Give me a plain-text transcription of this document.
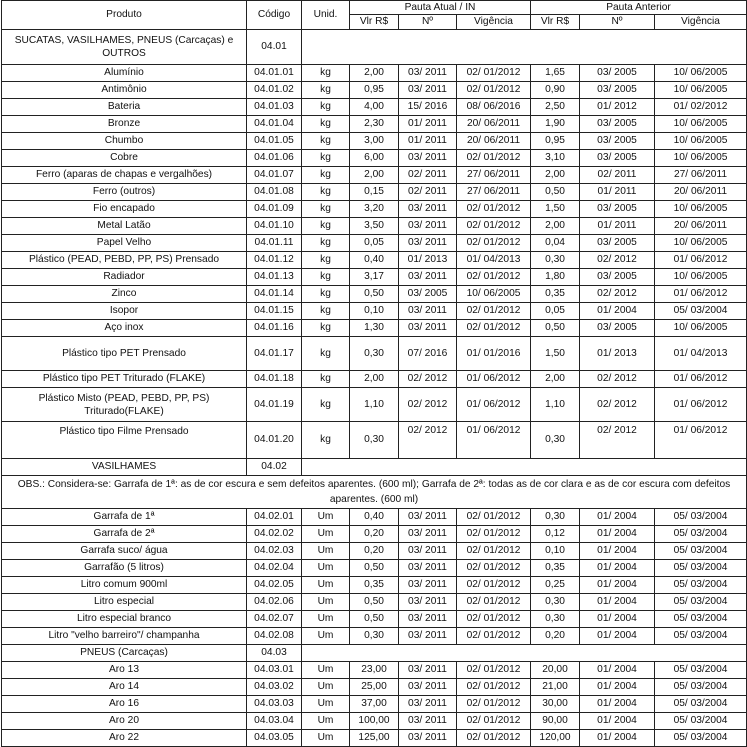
Produto	Código	Unid.	Pauta Atual / IN			Pauta Anterior		
			Vlr R$	Nº	Vigência	Vlr R$	Nº	Vigência
SUCATAS, VASILHAMES, PNEUS (Carcaças) e OUTROS	04.01							
Alumínio	04.01.01	kg	2,00	03/ 2011	02/ 01/2012	1,65	03/ 2005	10/ 06/2005
Antimônio	04.01.02	kg	0,95	03/ 2011	02/ 01/2012	0,90	03/ 2005	10/ 06/2005
Bateria	04.01.03	kg	4,00	15/ 2016	08/ 06/2016	2,50	01/ 2012	01/ 02/2012
Bronze	04.01.04	kg	2,30	01/ 2011	20/ 06/2011	1,90	03/ 2005	10/ 06/2005
Chumbo	04.01.05	kg	3,00	01/ 2011	20/ 06/2011	0,95	03/ 2005	10/ 06/2005
Cobre	04.01.06	kg	6,00	03/ 2011	02/ 01/2012	3,10	03/ 2005	10/ 06/2005
Ferro (aparas de chapas e vergalhões)	04.01.07	kg	2,00	02/ 2011	27/ 06/2011	2,00	02/ 2011	27/ 06/2011
Ferro (outros)	04.01.08	kg	0,15	02/ 2011	27/ 06/2011	0,50	01/ 2011	20/ 06/2011
Fio encapado	04.01.09	kg	3,20	03/ 2011	02/ 01/2012	1,50	03/ 2005	10/ 06/2005
Metal Latão	04.01.10	kg	3,50	03/ 2011	02/ 01/2012	2,00	01/ 2011	20/ 06/2011
Papel Velho	04.01.11	kg	0,05	03/ 2011	02/ 01/2012	0,04	03/ 2005	10/ 06/2005
Plástico (PEAD, PEBD, PP, PS) Prensado	04.01.12	kg	0,40	01/ 2013	01/ 04/2013	0,30	02/ 2012	01/ 06/2012
Radiador	04.01.13	kg	3,17	03/ 2011	02/ 01/2012	1,80	03/ 2005	10/ 06/2005
Zinco	04.01.14	kg	0,50	03/ 2005	10/ 06/2005	0,35	02/ 2012	01/ 06/2012
Isopor	04.01.15	kg	0,10	03/ 2011	02/ 01/2012	0,05	01/ 2004	05/ 03/2004
Aço inox	04.01.16	kg	1,30	03/ 2011	02/ 01/2012	0,50	03/ 2005	10/ 06/2005
Plástico tipo PET Prensado	04.01.17	kg	0,30	07/ 2016	01/ 01/2016	1,50	01/ 2013	01/ 04/2013
Plástico tipo PET Triturado (FLAKE)	04.01.18	kg	2,00	02/ 2012	01/ 06/2012	2,00	02/ 2012	01/ 06/2012
Plástico Misto (PEAD, PEBD, PP, PS) Triturado(FLAKE)	04.01.19	kg	1,10	02/ 2012	01/ 06/2012	1,10	02/ 2012	01/ 06/2012
Plástico tipo Filme Prensado	04.01.20	kg	0,30	02/ 2012	01/ 06/2012	0,30	02/ 2012	01/ 06/2012
VASILHAMES	04.02							
OBS.: Considera-se: Garrafa de 1ª: as de cor escura e sem defeitos aparentes. (600 ml); Garrafa de 2ª: todas as de cor clara e as de cor escura com defeitos aparentes. (600 ml)								
Garrafa de 1ª	04.02.01	Um	0,40	03/ 2011	02/ 01/2012	0,30	01/ 2004	05/ 03/2004
Garrafa de 2ª	04.02.02	Um	0,20	03/ 2011	02/ 01/2012	0,12	01/ 2004	05/ 03/2004
Garrafa suco/ água	04.02.03	Um	0,20	03/ 2011	02/ 01/2012	0,10	01/ 2004	05/ 03/2004
Garrafão (5 litros)	04.02.04	Um	0,50	03/ 2011	02/ 01/2012	0,35	01/ 2004	05/ 03/2004
Litro comum 900ml	04.02.05	Um	0,35	03/ 2011	02/ 01/2012	0,25	01/ 2004	05/ 03/2004
Litro especial	04.02.06	Um	0,50	03/ 2011	02/ 01/2012	0,30	01/ 2004	05/ 03/2004
Litro especial branco	04.02.07	Um	0,50	03/ 2011	02/ 01/2012	0,30	01/ 2004	05/ 03/2004
Litro "velho barreiro"/ champanha	04.02.08	Um	0,30	03/ 2011	02/ 01/2012	0,20	01/ 2004	05/ 03/2004
PNEUS (Carcaças)	04.03							
Aro 13	04.03.01	Um	23,00	03/ 2011	02/ 01/2012	20,00	01/ 2004	05/ 03/2004
Aro 14	04.03.02	Um	25,00	03/ 2011	02/ 01/2012	21,00	01/ 2004	05/ 03/2004
Aro 16	04.03.03	Um	37,00	03/ 2011	02/ 01/2012	30,00	01/ 2004	05/ 03/2004
Aro 20	04.03.04	Um	100,00	03/ 2011	02/ 01/2012	90,00	01/ 2004	05/ 03/2004
Aro 22	04.03.05	Um	125,00	03/ 2011	02/ 01/2012	120,00	01/ 2004	05/ 03/2004
